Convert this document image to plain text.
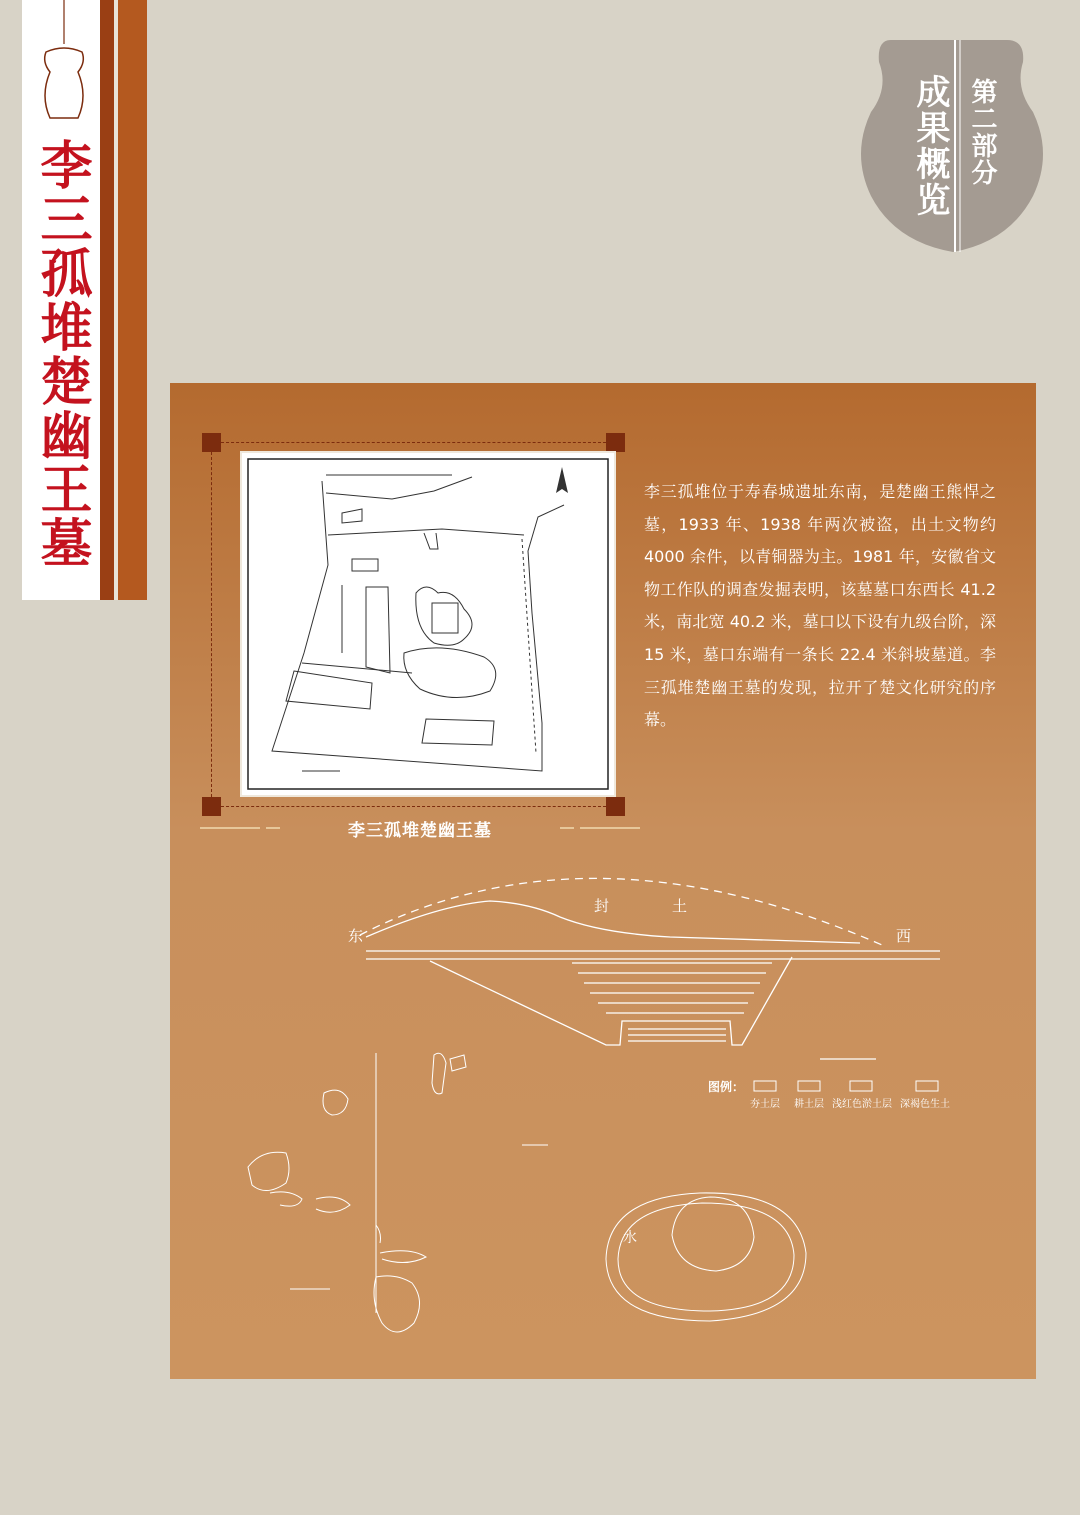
李三孤堆楚幽王墓	成果概览 第二部分

李三孤堆位于寿春城遗址东南，是楚幽王熊悍之墓，1933 年、1938 年两次被盗，出土文物约 4000 余件，以青铜器为主。1981 年，安徽省文物工作队的调查发掘表明，该墓墓口东西长 41.2 米，南北宽 40.2 米，墓口以下设有九级台阶，深 15 米，墓口东端有一条长 22.4 米斜坡墓道。李三孤堆楚幽王墓的发现，拉开了楚文化研究的序幕。

李三孤堆楚幽王墓
东	西
封	土
图例：
夯土层 耕土层 浅红色淤土层 深褐色生土
水
